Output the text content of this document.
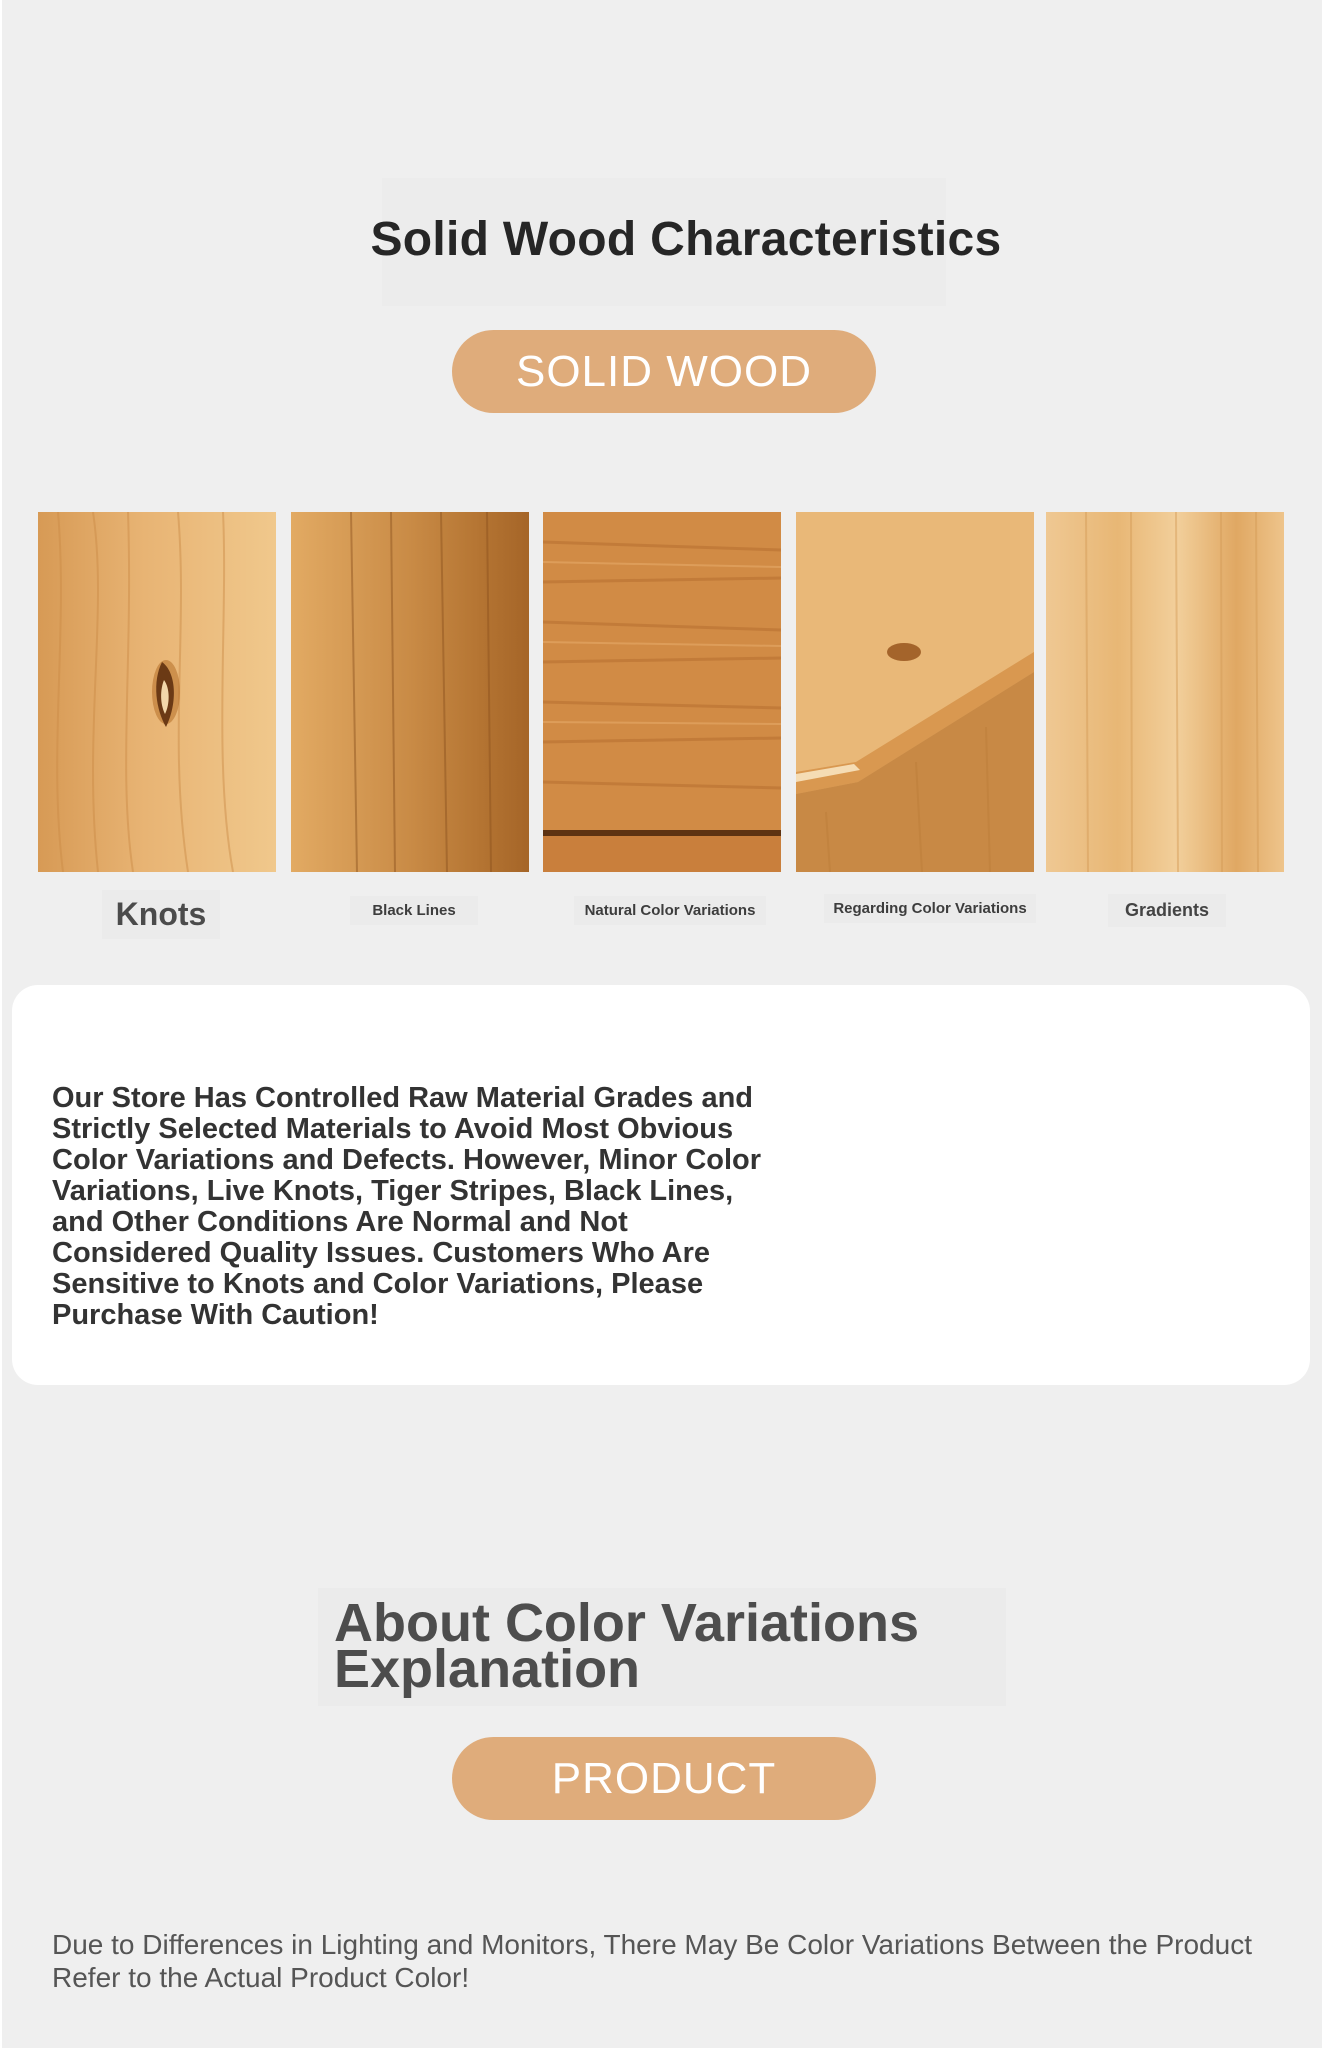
Solid Wood Characteristics
SOLID WOOD
Knots	Black Lines	Natural Color Variations	Regarding Color Variations	Gradients
Our Store Has Controlled Raw Material Grades and
Strictly Selected Materials to Avoid Most Obvious
Color Variations and Defects. However, Minor Color
Variations, Live Knots, Tiger Stripes, Black Lines,
and Other Conditions Are Normal and Not
Considered Quality Issues. Customers Who Are
Sensitive to Knots and Color Variations, Please
Purchase With Caution!
About Color Variations
Explanation
PRODUCT
Due to Differences in Lighting and Monitors, There May Be Color Variations Between the Product
Refer to the Actual Product Color!
